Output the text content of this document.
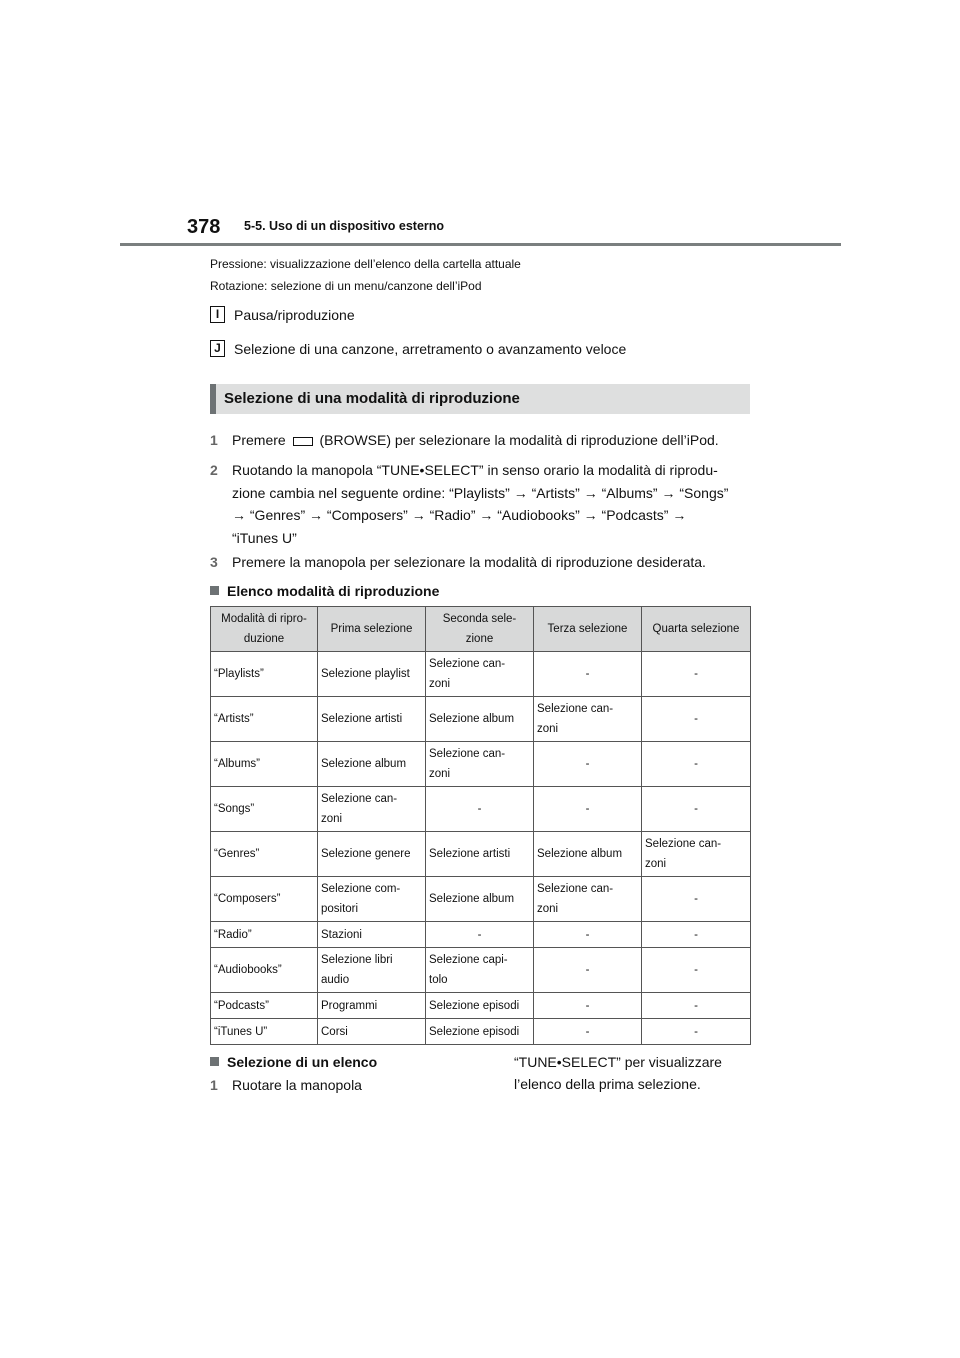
378 5-5. Uso di un dispositivo esterno
Pressione: visualizzazione dell’elenco della cartella attuale
Rotazione: selezione di un menu/canzone dell’iPod
I	Pausa/riproduzione
J Selezione di una canzone, arretramento o avanzamento veloce
Selezione di una modalità di riproduzione
1 Premere (BROWSE) per selezionare la modalità di riproduzione dell’iPod.
2 Ruotando la manopola “TUNE•SELECT” in senso orario la modalità di riprodu-
zione cambia nel seguente ordine: “Playlists” → “Artists” → “Albums” → “Songs”
→ “Genres” → “Composers” → “Radio” → “Audiobooks” → “Podcasts” →
“iTunes U”
3 Premere la manopola per selezionare la modalità di riproduzione desiderata.
Elenco modalità di riproduzione
Modalità di ripro-
duzione	Prima selezione	Seconda sele-
zione	Terza selezione	Quarta selezione

“Playlists”	Selezione playlist	Selezione can-
zoni	-	-

“Artists”	Selezione artisti	Selezione album	Selezione can-
zoni	-

“Albums”	Selezione album	Selezione can-
zoni	-	-

“Songs”	Selezione can-
zoni	-	-	-

“Genres”	Selezione genere	Selezione artisti	Selezione album	Selezione can-
zoni

“Composers”	Selezione com-
positori	Selezione album	Selezione can-
zoni	-

“Radio”	Stazioni	-	-	-

“Audiobooks”	Selezione libri
audio	Selezione capi-
tolo	-	-

“Podcasts”	Programmi	Selezione episodi	-	-

“iTunes U”	Corsi	Selezione episodi	-	-
Selezione di un elenco
1 Ruotare la manopola
“TUNE•SELECT” per visualizzare
l’elenco della prima selezione.
